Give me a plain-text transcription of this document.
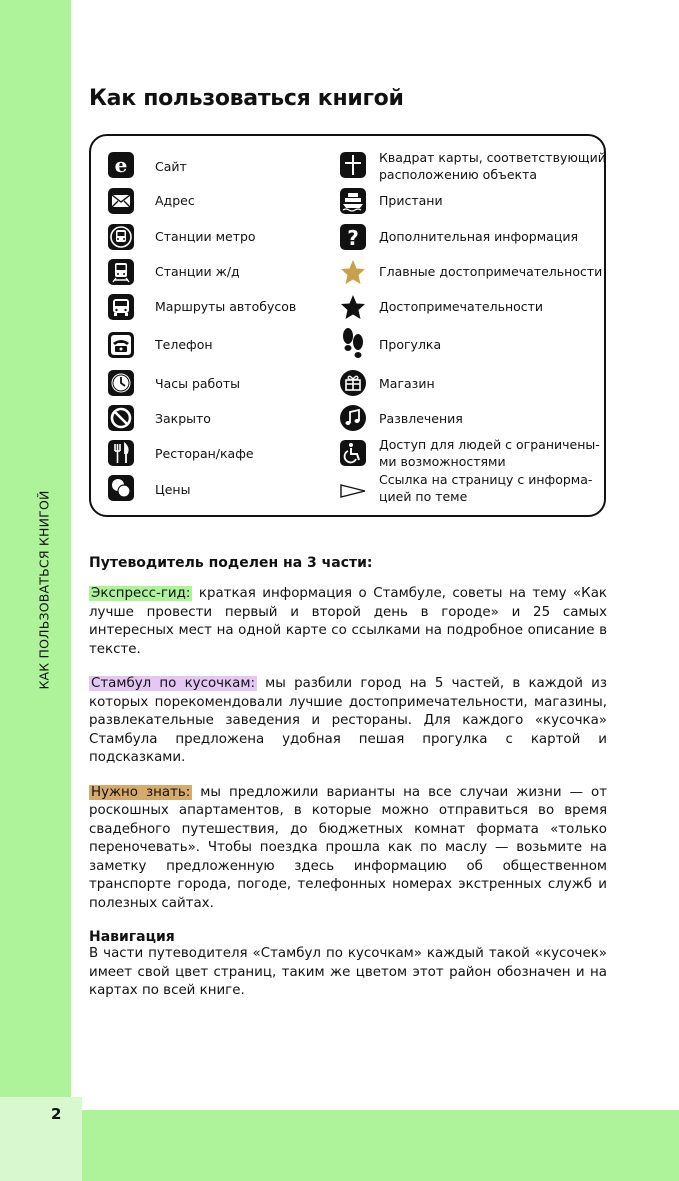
КАК ПОЛЬЗОВАТЬСЯ КНИГОЙ
2
Как пользоваться книгой
e Сайт
Адрес
Станции метро
Станции ж/д
Маршруты автобусов
Телефон
Часы работы
Закрыто
Ресторан/кафе
Цены
Квадрат карты, соответствующий
расположению объекта
Пристани
? Дополнительная информация
Главные достопримечательности
Достопримечательности
Прогулка
Магазин
Развлечения
Доступ для людей с ограничены-
ми возможностями
Ссылка на страницу с информа-
цией по теме

Путеводитель поделен на 3 части:

Экспресс-гид: краткая информация о Стамбуле, советы на тему «Как лучше провести первый и второй день в городе» и 25 самых интересных мест на одной карте со ссылками на подробное описание в тексте.

Стамбул по кусочкам: мы разбили город на 5 частей, в каждой из которых порекомендовали лучшие достопримечательности, магазины, развлекательные заведения и рестораны. Для каждого «кусочка» Стамбула предложена удобная пешая прогулка с картой и подсказками.

Нужно знать: мы предложили варианты на все случаи жизни — от роскошных апартаментов, в которые можно отправиться во время свадебного путешествия, до бюджетных комнат формата «только переночевать». Чтобы поездка прошла как по маслу — возьмите на заметку предложенную здесь информацию об общественном транспорте города, погоде, телефонных номерах экстренных служб и полезных сайтах.

Навигация

В части путеводителя «Стамбул по кусочкам» каждый такой «кусочек» имеет свой цвет страниц, таким же цветом этот район обозначен и на картах по всей книге.
